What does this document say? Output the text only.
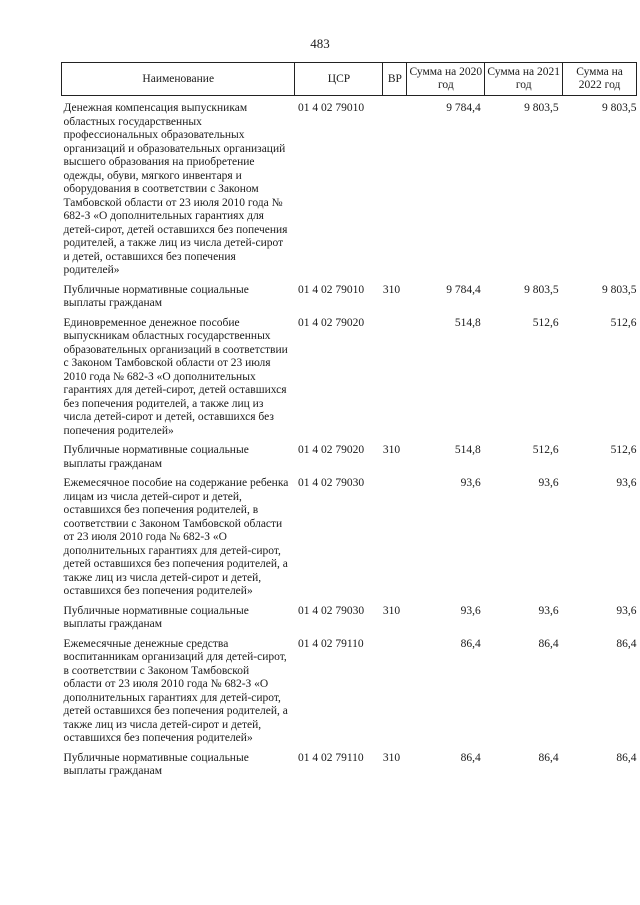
483
Наименование	ЦСР	ВР	Сумма на 2020 год	Сумма на 2021 год	Сумма на 2022 год
Денежная компенсация выпускникам областных государственных профессиональных образовательных организаций и образовательных организаций высшего образования на приобретение одежды, обуви, мягкого инвентаря и оборудования в соответствии с Законом Тамбовской области от 23 июля 2010 года № 682-З «О дополнительных гарантиях для детей-сирот, детей оставшихся без попечения родителей, а также лиц из числа детей-сирот и детей, оставшихся без попечения родителей»	01 4 02 79010		9 784,4	9 803,5	9 803,5
Публичные нормативные социальные выплаты гражданам	01 4 02 79010	310	9 784,4	9 803,5	9 803,5
Единовременное денежное пособие выпускникам областных государственных образовательных организаций в соответствии с Законом Тамбовской области от 23 июля 2010 года № 682-З «О дополнительных гарантиях для детей-сирот, детей оставшихся без попечения родителей, а также лиц из числа детей-сирот и детей, оставшихся без попечения родителей»	01 4 02 79020		514,8	512,6	512,6
Публичные нормативные социальные выплаты гражданам	01 4 02 79020	310	514,8	512,6	512,6
Ежемесячное пособие на содержание ребенка лицам из числа детей-сирот и детей, оставшихся без попечения родителей, в соответствии с Законом Тамбовской области от 23 июля 2010 года № 682-З «О дополнительных гарантиях для детей-сирот, детей оставшихся без попечения родителей, а также лиц из числа детей-сирот и детей, оставшихся без попечения родителей»	01 4 02 79030		93,6	93,6	93,6
Публичные нормативные социальные выплаты гражданам	01 4 02 79030	310	93,6	93,6	93,6
Ежемесячные денежные средства воспитанникам организаций для детей-сирот, в соответствии с Законом Тамбовской области от 23 июля 2010 года № 682-З «О дополнительных гарантиях для детей-сирот, детей оставшихся без попечения родителей, а также лиц из числа детей-сирот и детей, оставшихся без попечения родителей»	01 4 02 79110		86,4	86,4	86,4
Публичные нормативные социальные выплаты гражданам	01 4 02 79110	310	86,4	86,4	86,4
